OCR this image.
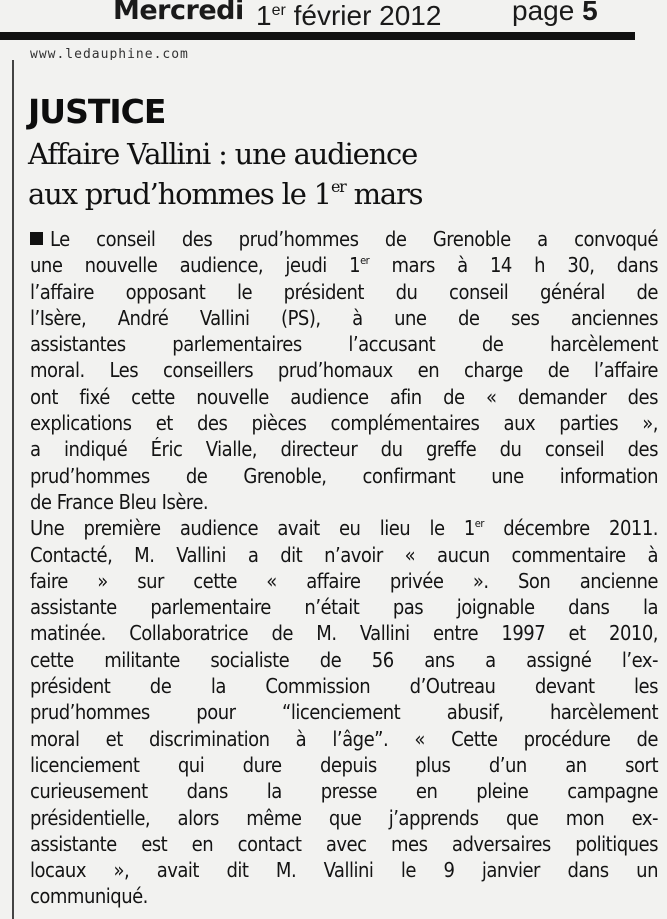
Mercredi 1er février 2012	page 5
www.ledauphine.com
JUSTICE
Affaire Vallini : une audience
aux prud’hommes le 1er mars
Le conseil des prud’hommes de Grenoble a convoqué
une nouvelle audience, jeudi 1er mars à 14 h 30, dans
l’affaire opposant le président du conseil général de
l’Isère, André Vallini (PS), à une de ses anciennes
assistantes parlementaires l’accusant de harcèlement
moral. Les conseillers prud’homaux en charge de l’affaire
ont fixé cette nouvelle audience afin de « demander des
explications et des pièces complémentaires aux parties »,
a indiqué Éric Vialle, directeur du greffe du conseil des
prud’hommes de Grenoble, confirmant une information
de France Bleu Isère.
Une première audience avait eu lieu le 1er décembre 2011.
Contacté, M. Vallini a dit n’avoir « aucun commentaire à
faire » sur cette « affaire privée ». Son ancienne
assistante parlementaire n’était pas joignable dans la
matinée. Collaboratrice de M. Vallini entre 1997 et 2010,
cette militante socialiste de 56 ans a assigné l’ex-
président de la Commission d’Outreau devant les
prud’hommes pour “licenciement abusif, harcèlement
moral et discrimination à l’âge”. « Cette procédure de
licenciement qui dure depuis plus d’un an sort
curieusement dans la presse en pleine campagne
présidentielle, alors même que j’apprends que mon ex-
assistante est en contact avec mes adversaires politiques
locaux », avait dit M. Vallini le 9 janvier dans un
communiqué.
